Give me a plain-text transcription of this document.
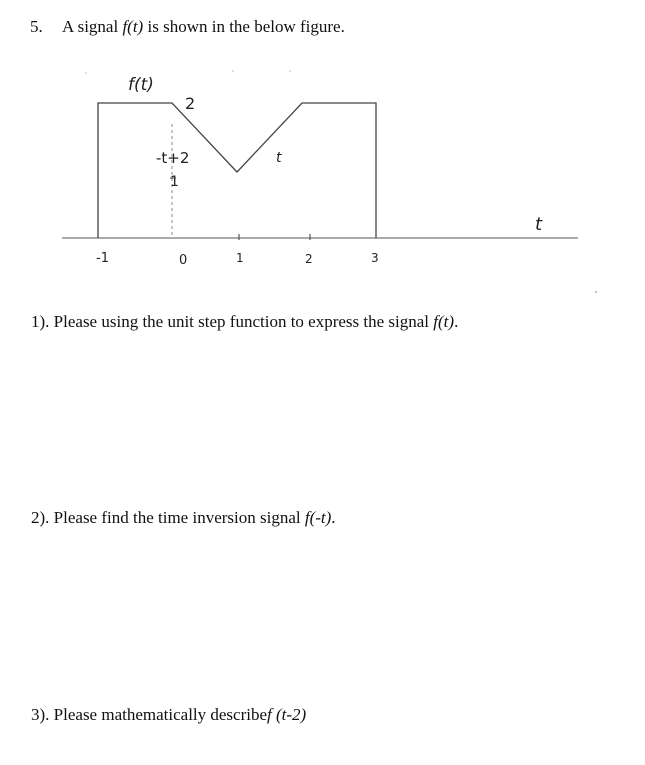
5. A signal f(t) is shown in the below figure.
f(t)
2
-t+2
1
t
t
-1	0	1	2	3
1). Please using the unit step function to express the signal f(t).
2). Please find the time inversion signal f(-t).
3). Please mathematically describef (t-2)
